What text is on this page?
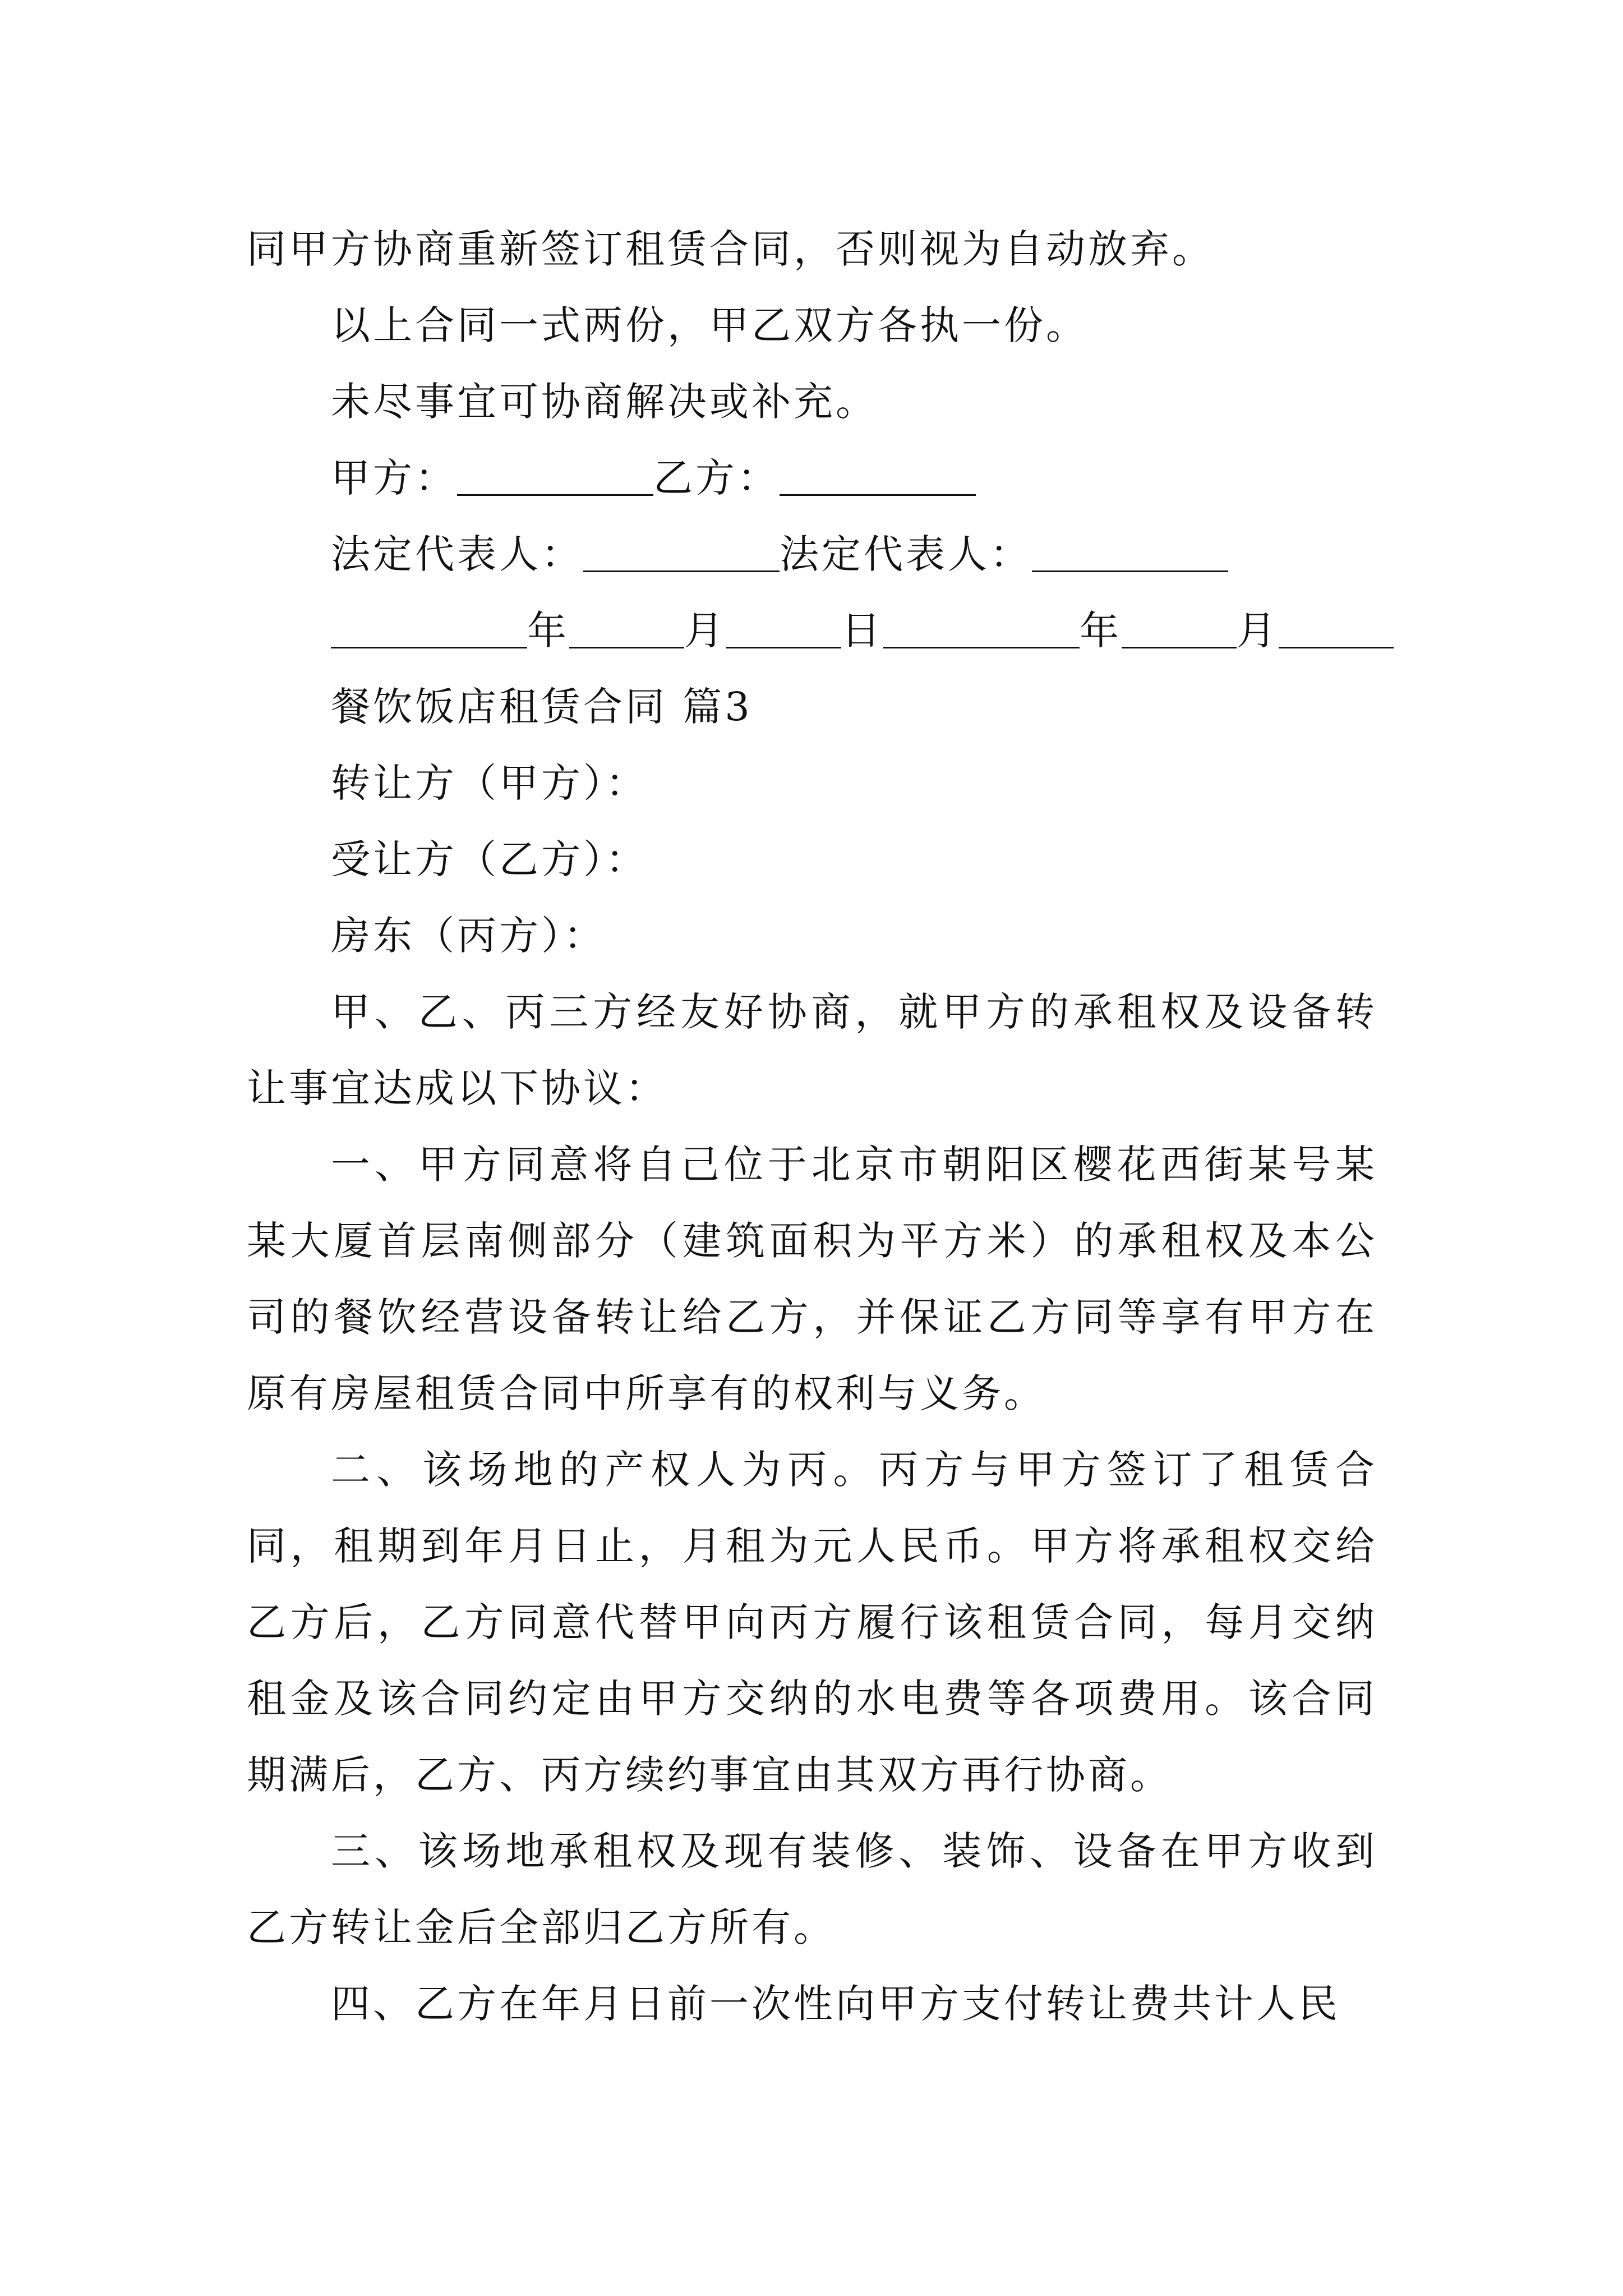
同甲方协商重新签订租赁合同，否则视为自动放弃。

以上合同一式两份，甲乙双方各执一份。

未尽事宜可协商解决或补充。

甲方：	乙方：

法定代表人：	法定代表人：

年	月	日	年	月

餐饮饭店租赁合同 篇3

转让方（甲方）：

受让方（乙方）：

房东（丙方）：

甲、乙、丙三方经友好协商，就甲方的承租权及设备转让事宜达成以下协议：

一、甲方同意将自己位于北京市朝阳区樱花西街某号某某大厦首层南侧部分（建筑面积为平方米）的承租权及本公司的餐饮经营设备转让给乙方，并保证乙方同等享有甲方在原有房屋租赁合同中所享有的权利与义务。

二、该场地的产权人为丙。丙方与甲方签订了租赁合同，租期到年月日止，月租为元人民币。甲方将承租权交给乙方后，乙方同意代替甲向丙方履行该租赁合同，每月交纳租金及该合同约定由甲方交纳的水电费等各项费用。该合同期满后，乙方、丙方续约事宜由其双方再行协商。

三、该场地承租权及现有装修、装饰、设备在甲方收到乙方转让金后全部归乙方所有。

四、乙方在年月日前一次性向甲方支付转让费共计人民
